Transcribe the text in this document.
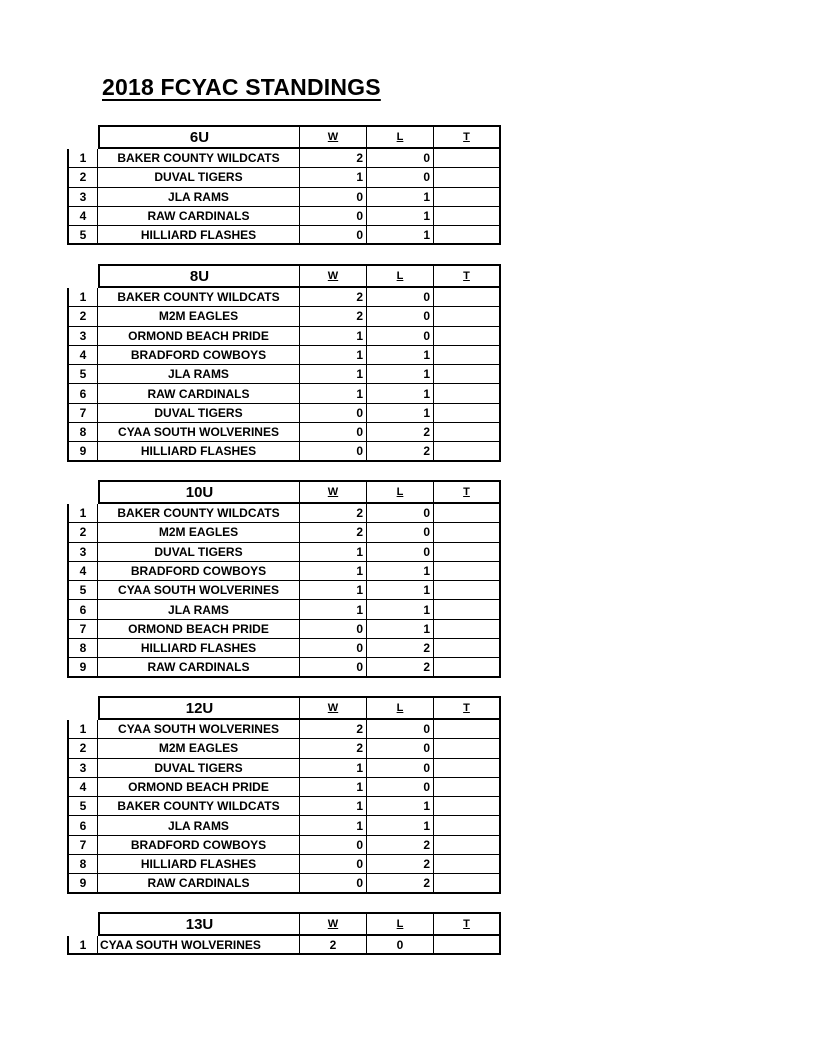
2018 FCYAC STANDINGS
6U	W	L	T
1	BAKER COUNTY WILDCATS	2	0
2	DUVAL TIGERS	1	0
3	JLA RAMS	0	1
4	RAW CARDINALS	0	1
5	HILLIARD FLASHES	0	1
8U	W	L	T
1	BAKER COUNTY WILDCATS	2	0
2	M2M EAGLES	2	0
3	ORMOND BEACH PRIDE	1	0
4	BRADFORD COWBOYS	1	1
5	JLA RAMS	1	1
6	RAW CARDINALS	1	1
7	DUVAL TIGERS	0	1
8	CYAA SOUTH WOLVERINES	0	2
9	HILLIARD FLASHES	0	2
10U	W	L	T
1	BAKER COUNTY WILDCATS	2	0
2	M2M EAGLES	2	0
3	DUVAL TIGERS	1	0
4	BRADFORD COWBOYS	1	1
5	CYAA SOUTH WOLVERINES	1	1
6	JLA RAMS	1	1
7	ORMOND BEACH PRIDE	0	1
8	HILLIARD FLASHES	0	2
9	RAW CARDINALS	0	2
12U	W	L	T
1	CYAA SOUTH WOLVERINES	2	0
2	M2M EAGLES	2	0
3	DUVAL TIGERS	1	0
4	ORMOND BEACH PRIDE	1	0
5	BAKER COUNTY WILDCATS	1	1
6	JLA RAMS	1	1
7	BRADFORD COWBOYS	0	2
8	HILLIARD FLASHES	0	2
9	RAW CARDINALS	0	2
13U	W	L	T
1	CYAA SOUTH WOLVERINES	2	0
